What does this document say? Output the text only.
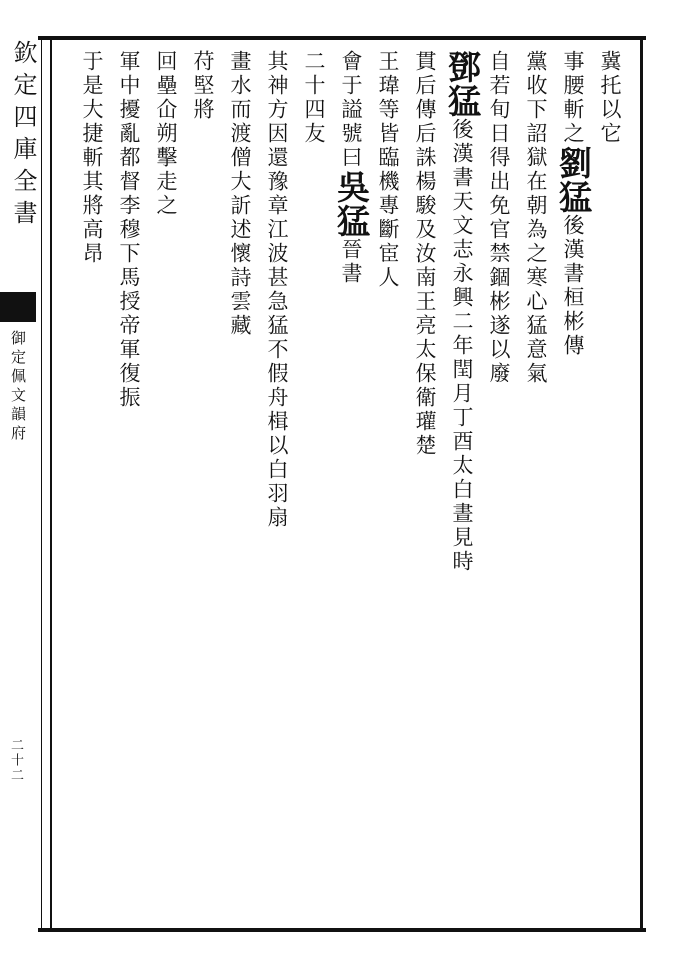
欽定四庫全書
御定佩文韻府
二十二
冀托以它
事腰斬之劉猛後漢書桓彬傳
黨收下詔獄在朝為之寒心猛意氣
自若旬日得出免官禁錮彬遂以廢
鄧猛後漢書天文志永興二年閏月丁酉太白晝見時
貫后傳后誅楊駿及汝南王亮太保衛瓘楚
王瑋等皆臨機專斷宦人
會于謚號曰吳猛晉書
二十四友
其神方因還豫章江波甚急猛不假舟楫以白羽扇
畫水而渡僧大訢述懷詩雲藏
苻堅將
回壘仚朔擊走之
軍中擾亂都督李穆下馬授帝軍復振
于是大捷斬其將高昂
